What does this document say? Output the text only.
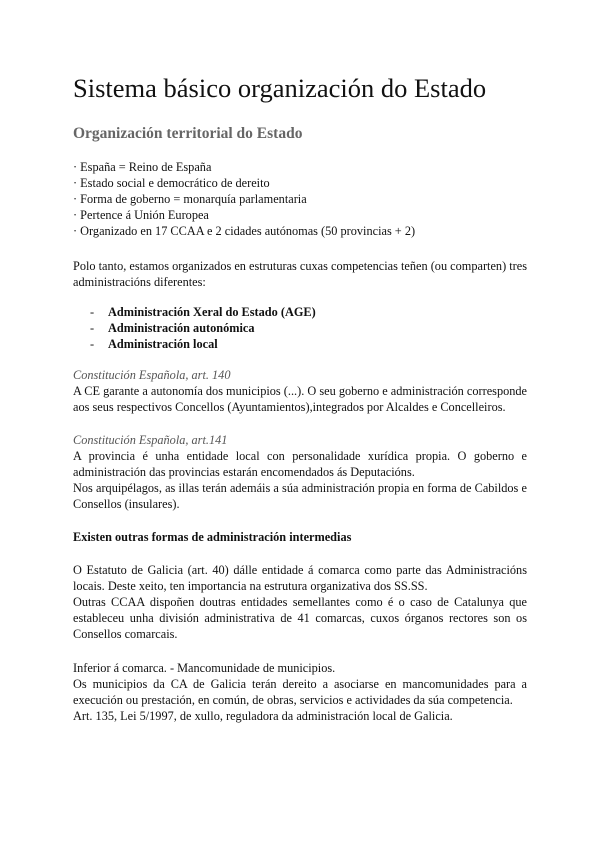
Sistema básico organización do Estado
Organización territorial do Estado
· España = Reino de España
· Estado social e democrático de dereito
· Forma de goberno = monarquía parlamentaria
· Pertence á Unión Europea
· Organizado en 17 CCAA e 2 cidades autónomas (50 provincias + 2)

Polo tanto, estamos organizados en estruturas cuxas competencias teñen (ou comparten) tres
administracións diferentes:

- Administración Xeral do Estado (AGE)
- Administración autonómica
- Administración local

Constitución Española, art. 140

A CE garante a autonomía dos municipios (...). O seu goberno e administración corresponde
aos seus respectivos Concellos (Ayuntamientos),integrados por Alcaldes e Concelleiros.

Constitución Española, art.141

A provincia é unha entidade local con personalidade xurídica propia. O goberno e
administración das provincias estarán encomendados ás Deputacións.
Nos arquipélagos, as illas terán ademáis a súa administración propia en forma de Cabildos e
Consellos (insulares).

Existen outras formas de administración intermedias

O Estatuto de Galicia (art. 40) dálle entidade á comarca como parte das Administracións
locais. Deste xeito, ten importancia na estrutura organizativa dos SS.SS.
Outras CCAA dispoñen doutras entidades semellantes como é o caso de Catalunya que
estableceu unha división administrativa de 41 comarcas, cuxos órganos rectores son os
Consellos comarcais.

Inferior á comarca. - Mancomunidade de municipios.
Os municipios da CA de Galicia terán dereito a asociarse en mancomunidades para a
execución ou prestación, en común, de obras, servicios e actividades da súa competencia.
Art. 135, Lei 5/1997, de xullo, reguladora da administración local de Galicia.
